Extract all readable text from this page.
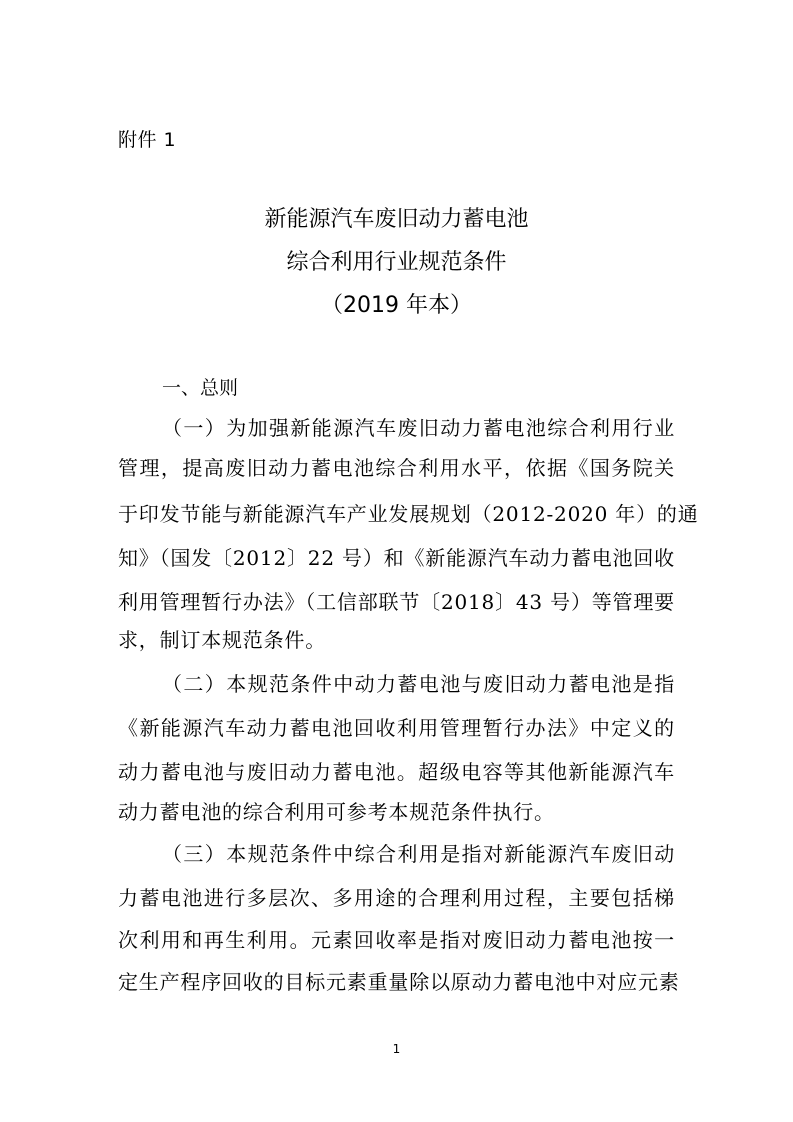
附件 1
新能源汽车废旧动力蓄电池
综合利用行业规范条件
（2019 年本）
一、总则
（一）为加强新能源汽车废旧动力蓄电池综合利用行业
管理，提高废旧动力蓄电池综合利用水平，依据《国务院关
于印发节能与新能源汽车产业发展规划（2012-2020 年）的通
知》（国发〔2012〕22 号）和《新能源汽车动力蓄电池回收
利用管理暂行办法》（工信部联节〔2018〕43 号）等管理要
求，制订本规范条件。
（二）本规范条件中动力蓄电池与废旧动力蓄电池是指
《新能源汽车动力蓄电池回收利用管理暂行办法》中定义的
动力蓄电池与废旧动力蓄电池。超级电容等其他新能源汽车
动力蓄电池的综合利用可参考本规范条件执行。
（三）本规范条件中综合利用是指对新能源汽车废旧动
力蓄电池进行多层次、多用途的合理利用过程，主要包括梯
次利用和再生利用。元素回收率是指对废旧动力蓄电池按一
定生产程序回收的目标元素重量除以原动力蓄电池中对应元素
1
